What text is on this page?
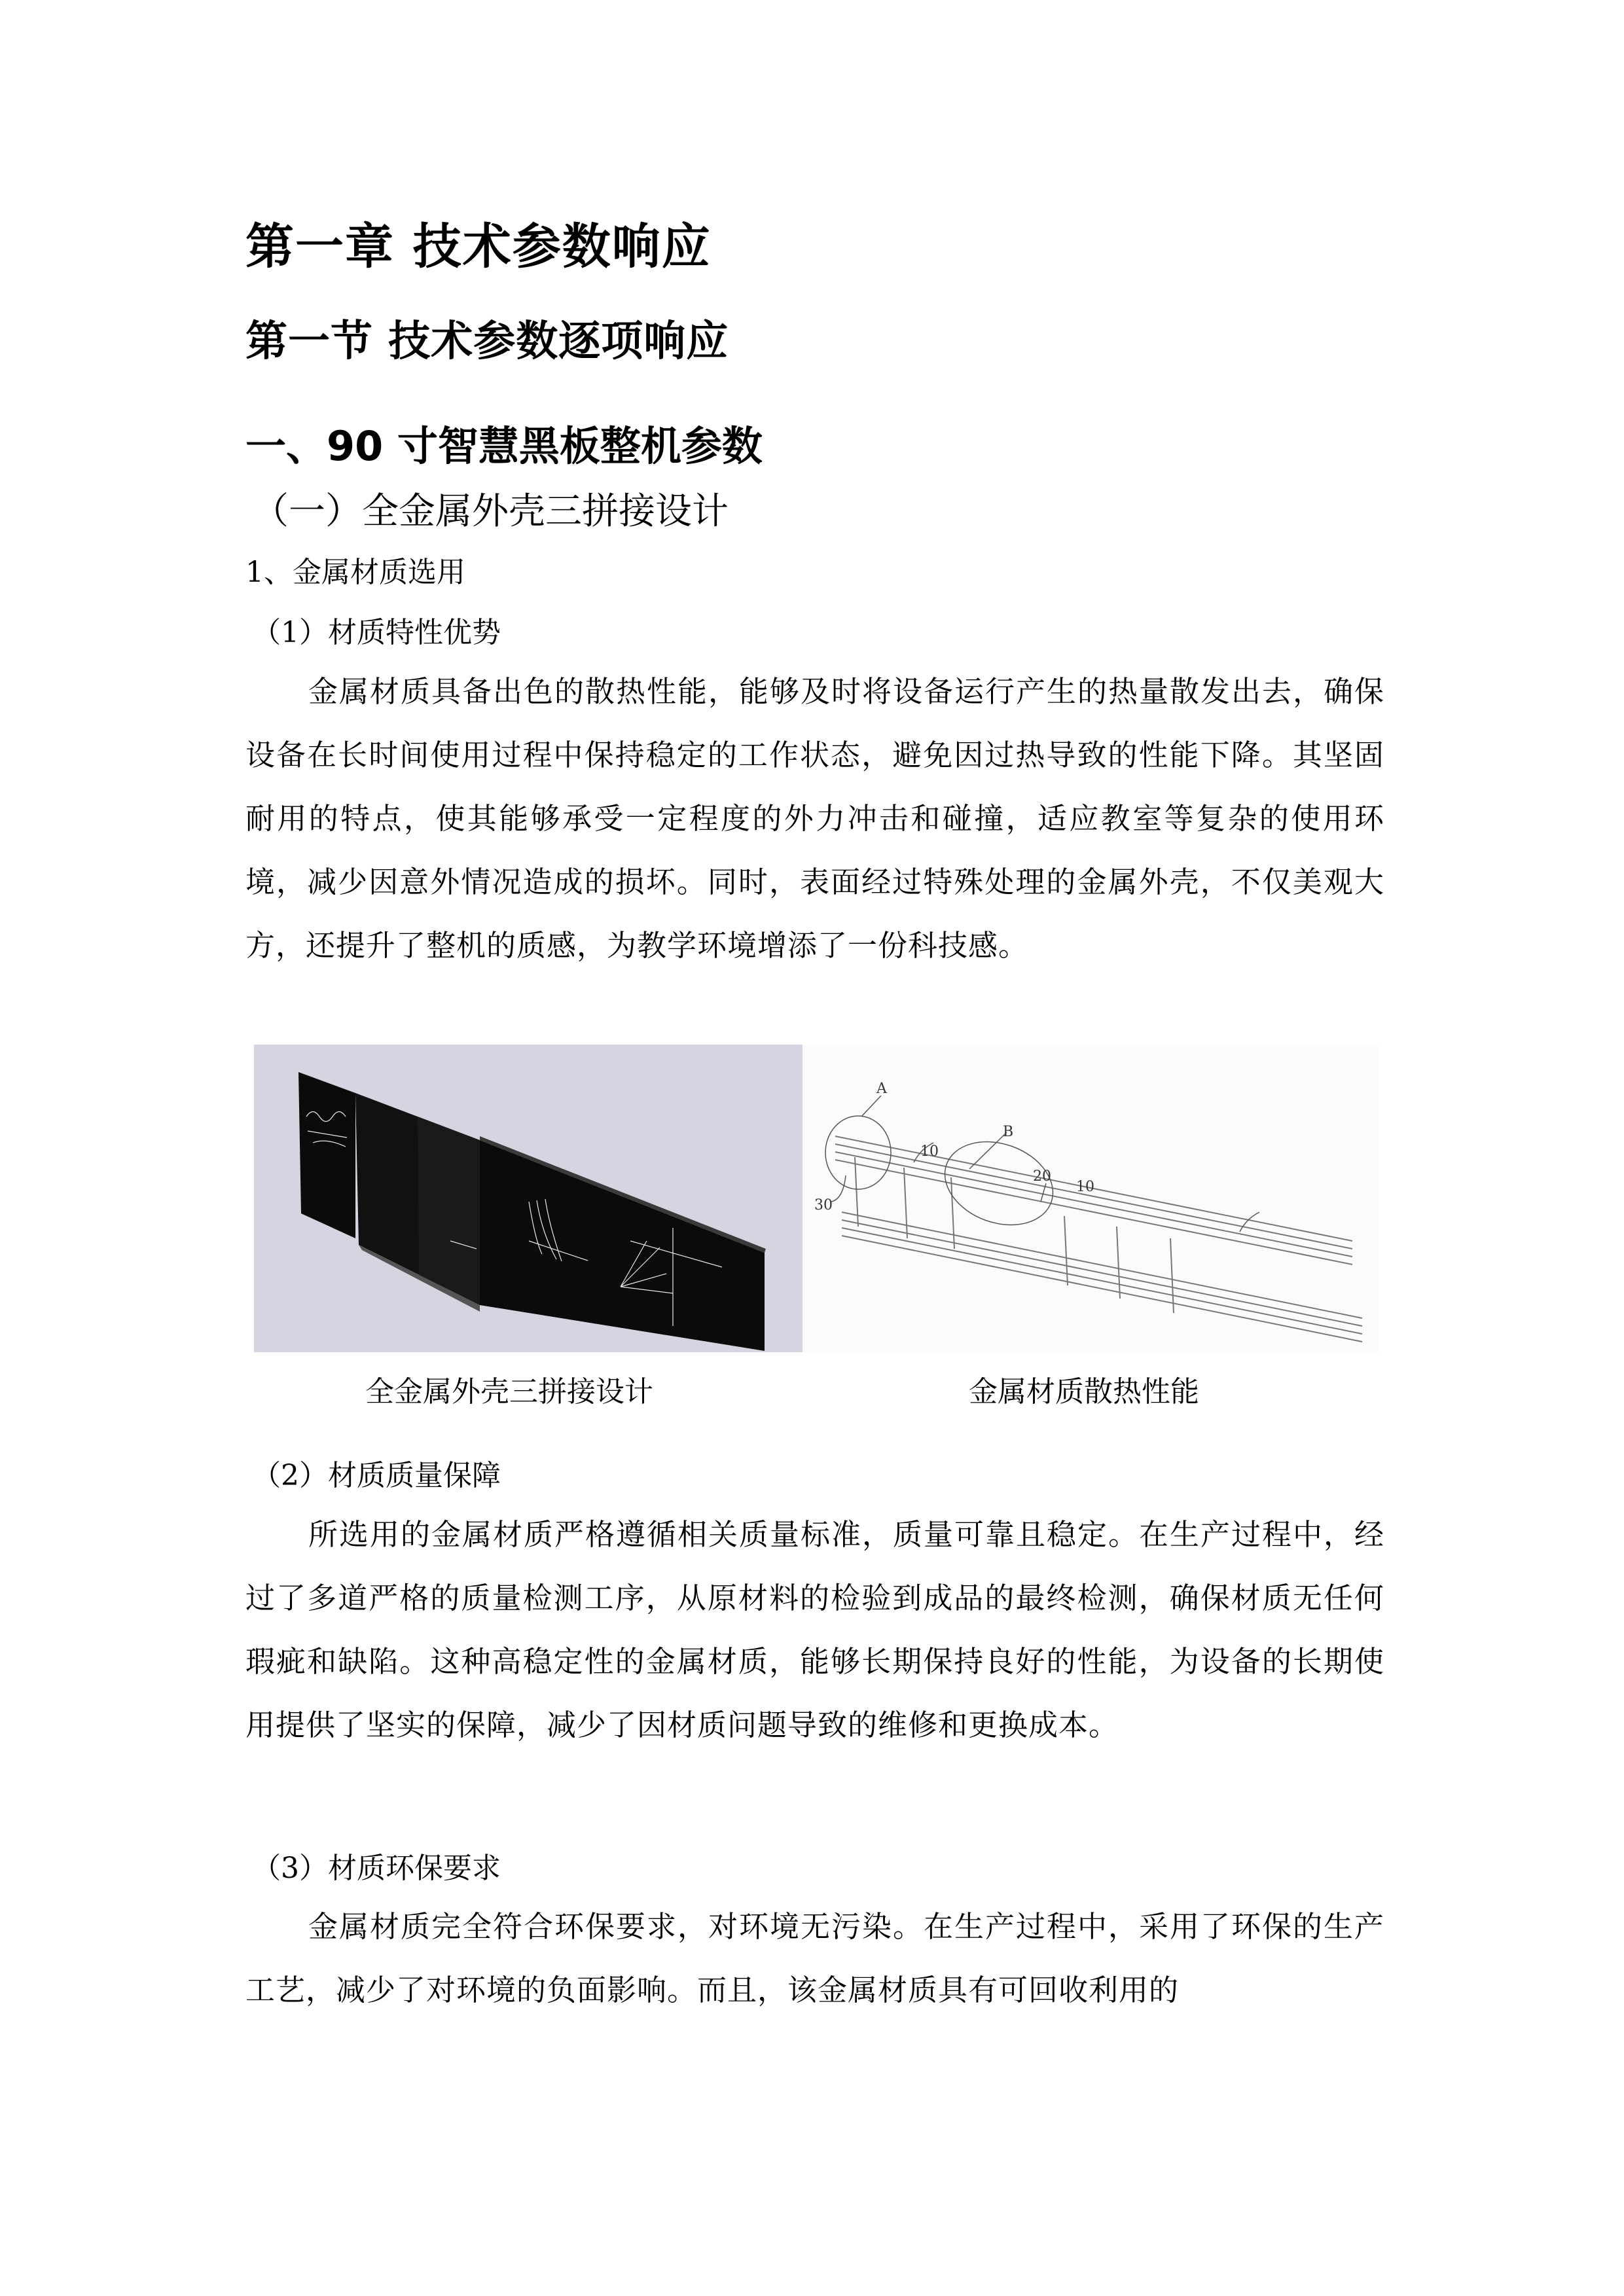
第一章 技术参数响应
第一节 技术参数逐项响应
一、90 寸智慧黑板整机参数
（一）全金属外壳三拼接设计
1、金属材质选用
（1）材质特性优势
金属材质具备出色的散热性能，能够及时将设备运行产生的热量散发出去，确保设备在长时间使用过程中保持稳定的工作状态，避免因过热导致的性能下降。其坚固耐用的特点，使其能够承受一定程度的外力冲击和碰撞，适应教室等复杂的使用环境，减少因意外情况造成的损坏。同时，表面经过特殊处理的金属外壳，不仅美观大方，还提升了整机的质感，为教学环境增添了一份科技感。
A
B
10
20
10
30
全金属外壳三拼接设计	金属材质散热性能
（2）材质质量保障
所选用的金属材质严格遵循相关质量标准，质量可靠且稳定。在生产过程中，经过了多道严格的质量检测工序，从原材料的检验到成品的最终检测，确保材质无任何瑕疵和缺陷。这种高稳定性的金属材质，能够长期保持良好的性能，为设备的长期使用提供了坚实的保障，减少了因材质问题导致的维修和更换成本。
（3）材质环保要求
金属材质完全符合环保要求，对环境无污染。在生产过程中，采用了环保的生产工艺，减少了对环境的负面影响。而且，该金属材质具有可回收利用的
